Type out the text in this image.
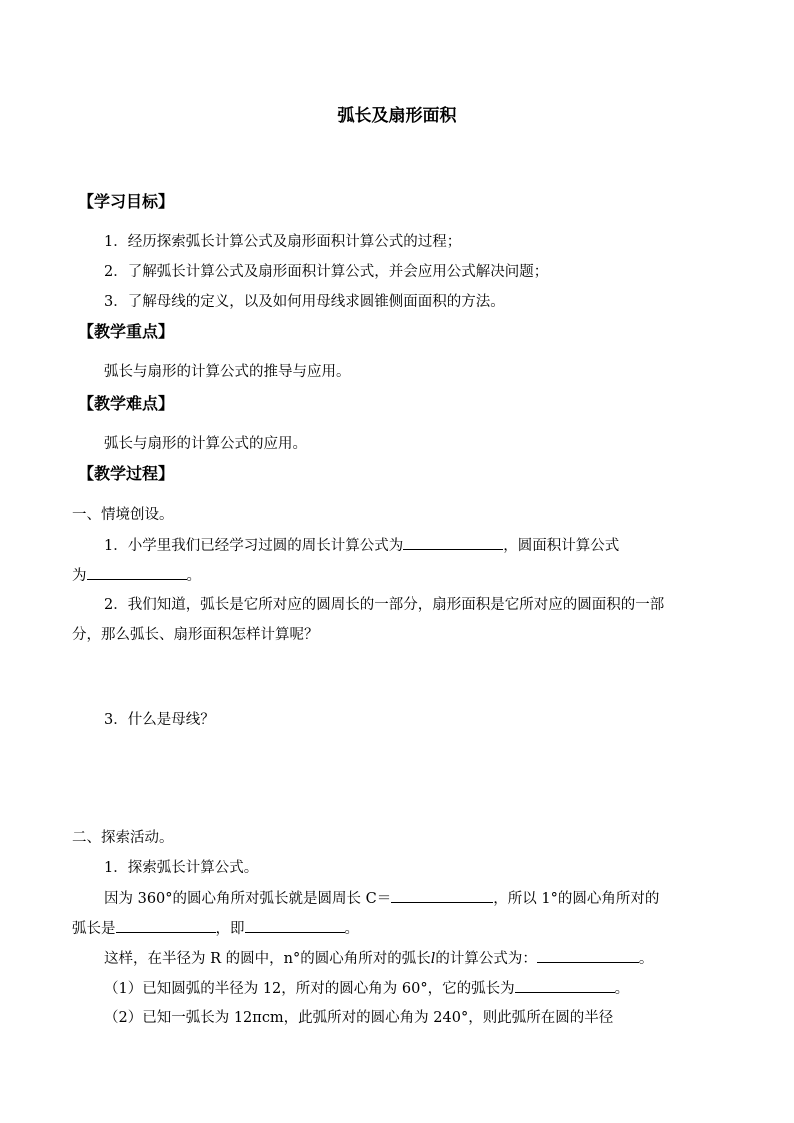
弧长及扇形面积
【学习目标】
1．经历探索弧长计算公式及扇形面积计算公式的过程；
2．了解弧长计算公式及扇形面积计算公式，并会应用公式解决问题；
3．了解母线的定义，以及如何用母线求圆锥侧面面积的方法。
【教学重点】
弧长与扇形的计算公式的推导与应用。
【教学难点】
弧长与扇形的计算公式的应用。
【教学过程】
一、情境创设。
1．小学里我们已经学习过圆的周长计算公式为	，圆面积计算公式
为	。
2．我们知道，弧长是它所对应的圆周长的一部分，扇形面积是它所对应的圆面积的一部
分，那么弧长、扇形面积怎样计算呢？
3．什么是母线？
二、探索活动。
1．探索弧长计算公式。
因为 360°的圆心角所对弧长就是圆周长 C＝	，所以 1°的圆心角所对的
弧长是	，即	。
这样，在半径为 R 的圆中，n°的圆心角所对的弧长l的计算公式为：	。
（1）已知圆弧的半径为 12，所对的圆心角为 60°，它的弧长为	。
（2）已知一弧长为 12πcm，此弧所对的圆心角为 240°，则此弧所在圆的半径
